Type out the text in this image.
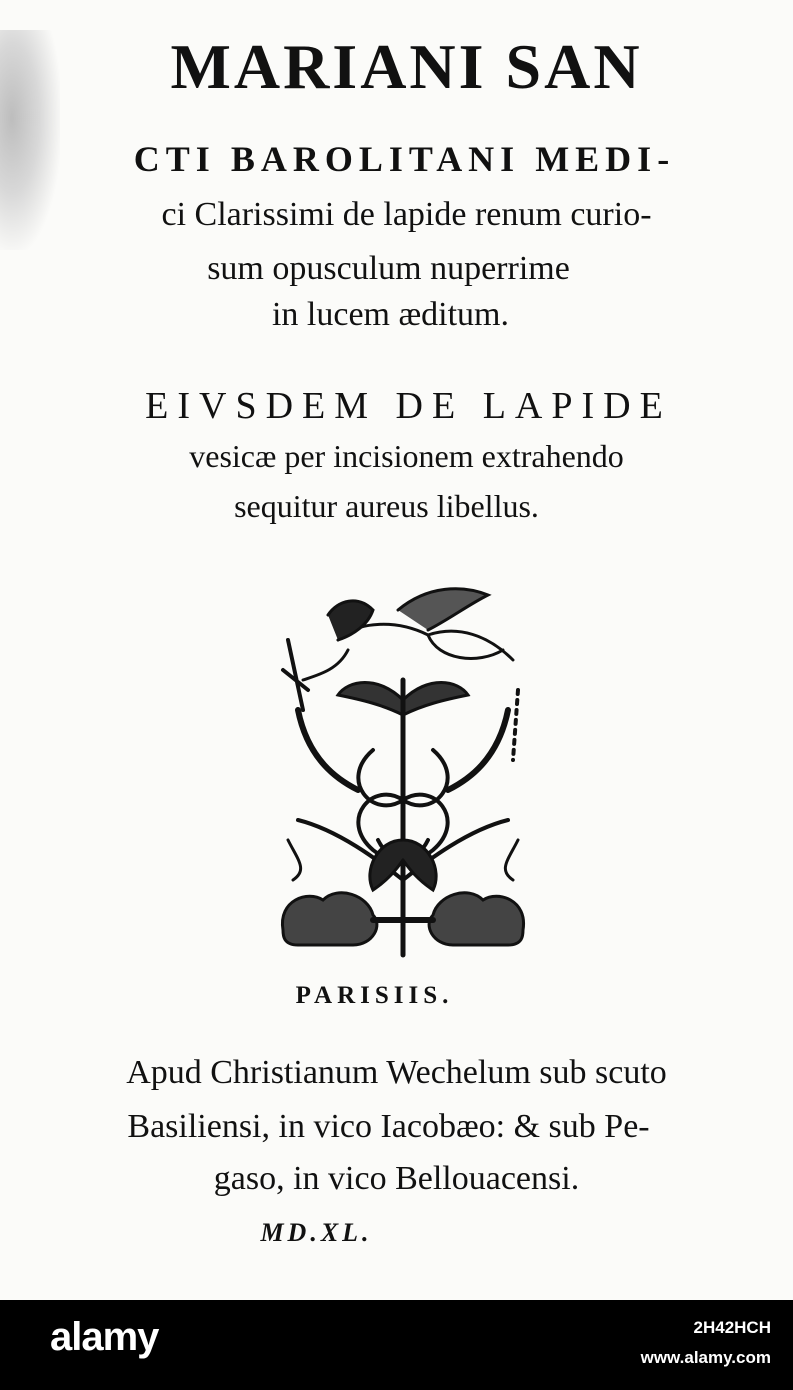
MARIANI SAN
CTI BAROLITANI MEDI-
ci Clarissimi de lapide renum curio-
sum opusculum nuperrime
in lucem æditum.
EIVSDEM DE LAPIDE
vesicæ per incisionem extrahendo
sequitur aureus libellus.
PARISIIS.
Apud Christianum Wechelum sub scuto
Basiliensi, in vico Iacobæo: & sub Pe-
gaso, in vico Bellouacensi.
MD.XL.
alamy	2H42HCH
www.alamy.com
